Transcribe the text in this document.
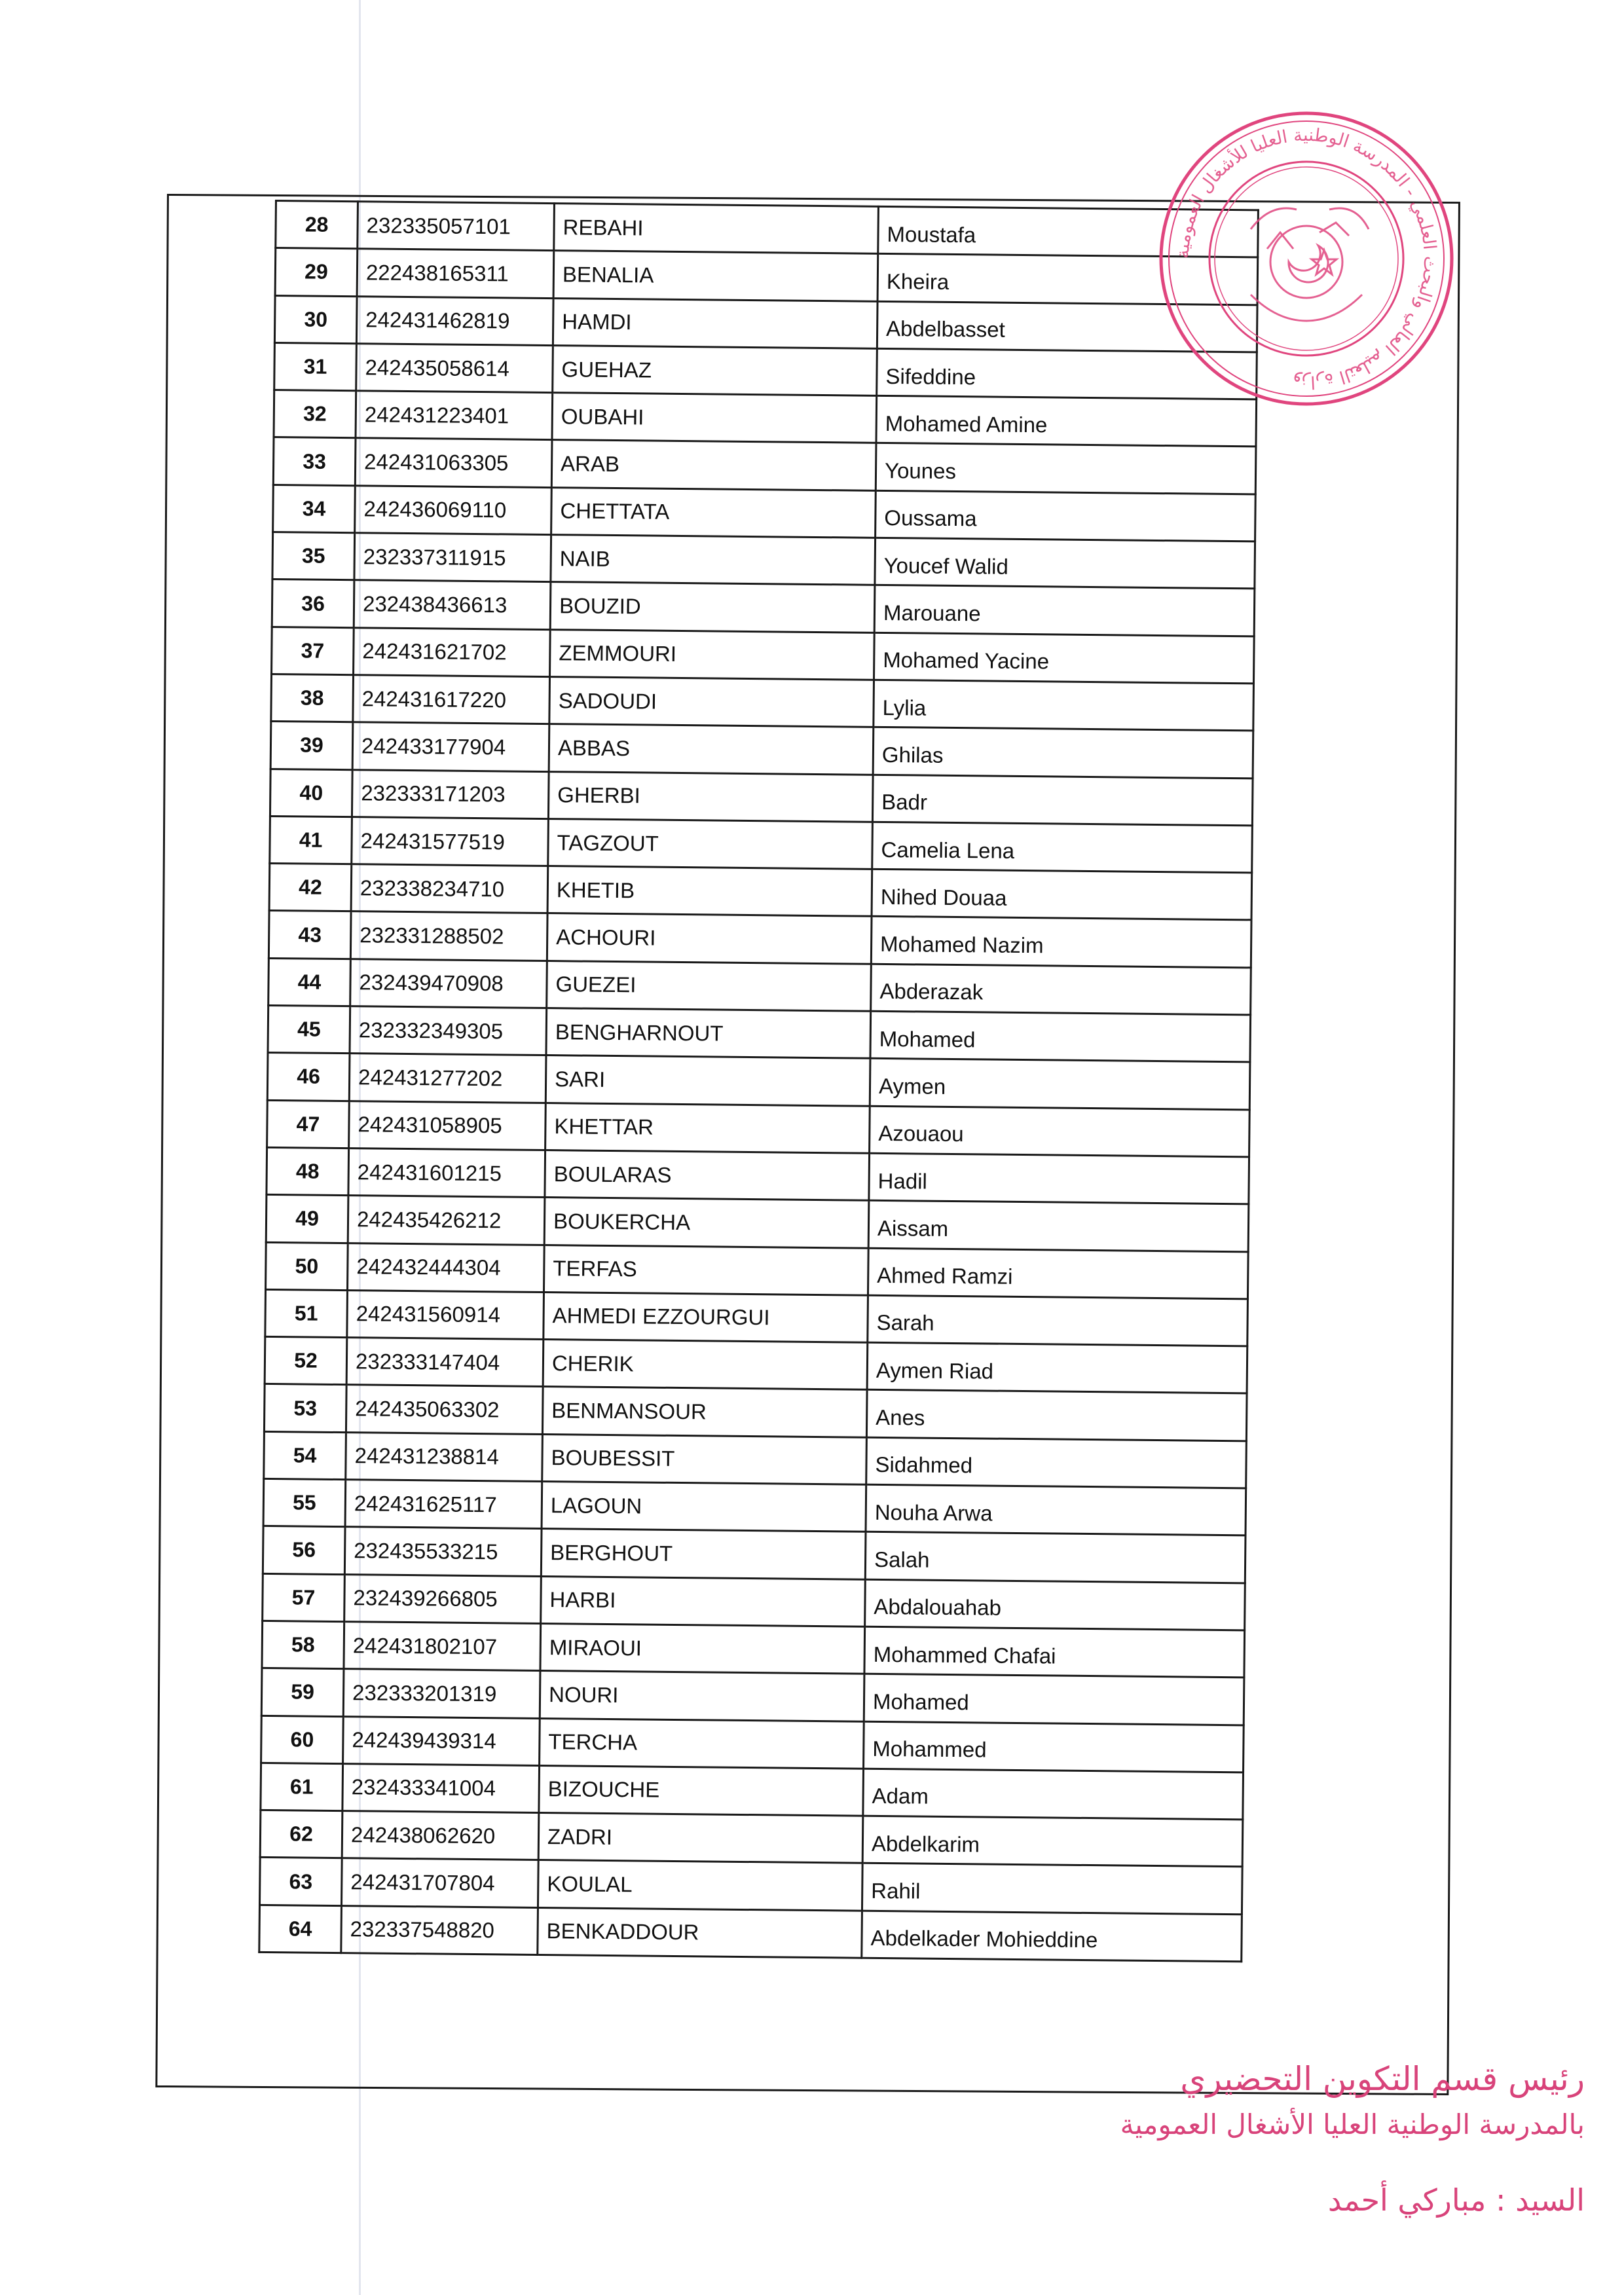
28	232335057101	REBAHI	Moustafa
29	222438165311	BENALIA	Kheira
30	242431462819	HAMDI	Abdelbasset
31	242435058614	GUEHAZ	Sifeddine
32	242431223401	OUBAHI	Mohamed Amine
33	242431063305	ARAB	Younes
34	242436069110	CHETTATA	Oussama
35	232337311915	NAIB	Youcef Walid
36	232438436613	BOUZID	Marouane
37	242431621702	ZEMMOURI	Mohamed Yacine
38	242431617220	SADOUDI	Lylia
39	242433177904	ABBAS	Ghilas
40	232333171203	GHERBI	Badr
41	242431577519	TAGZOUT	Camelia Lena
42	232338234710	KHETIB	Nihed Douaa
43	232331288502	ACHOURI	Mohamed Nazim
44	232439470908	GUEZEI	Abderazak
45	232332349305	BENGHARNOUT	Mohamed
46	242431277202	SARI	Aymen
47	242431058905	KHETTAR	Azouaou
48	242431601215	BOULARAS	Hadil
49	242435426212	BOUKERCHA	Aissam
50	242432444304	TERFAS	Ahmed Ramzi
51	242431560914	AHMEDI EZZOURGUI	Sarah
52	232333147404	CHERIK	Aymen Riad
53	242435063302	BENMANSOUR	Anes
54	242431238814	BOUBESSIT	Sidahmed
55	242431625117	LAGOUN	Nouha Arwa
56	232435533215	BERGHOUT	Salah
57	232439266805	HARBI	Abdalouahab
58	242431802107	MIRAOUI	Mohammed Chafai
59	232333201319	NOURI	Mohamed
60	242439439314	TERCHA	Mohammed
61	232433341004	BIZOUCHE	Adam
62	242438062620	ZADRI	Abdelkarim
63	242431707804	KOULAL	Rahil
64	232337548820	BENKADDOUR	Abdelkader Mohieddine
وزارة التعليم العالي والبحث العلمي - المدرسة الوطنية العليا للأشغال العمومية
رئيس قسم التكوين التحضيري
بالمدرسة الوطنية العليا الأشغال العمومية
السيد : مباركي أحمد
